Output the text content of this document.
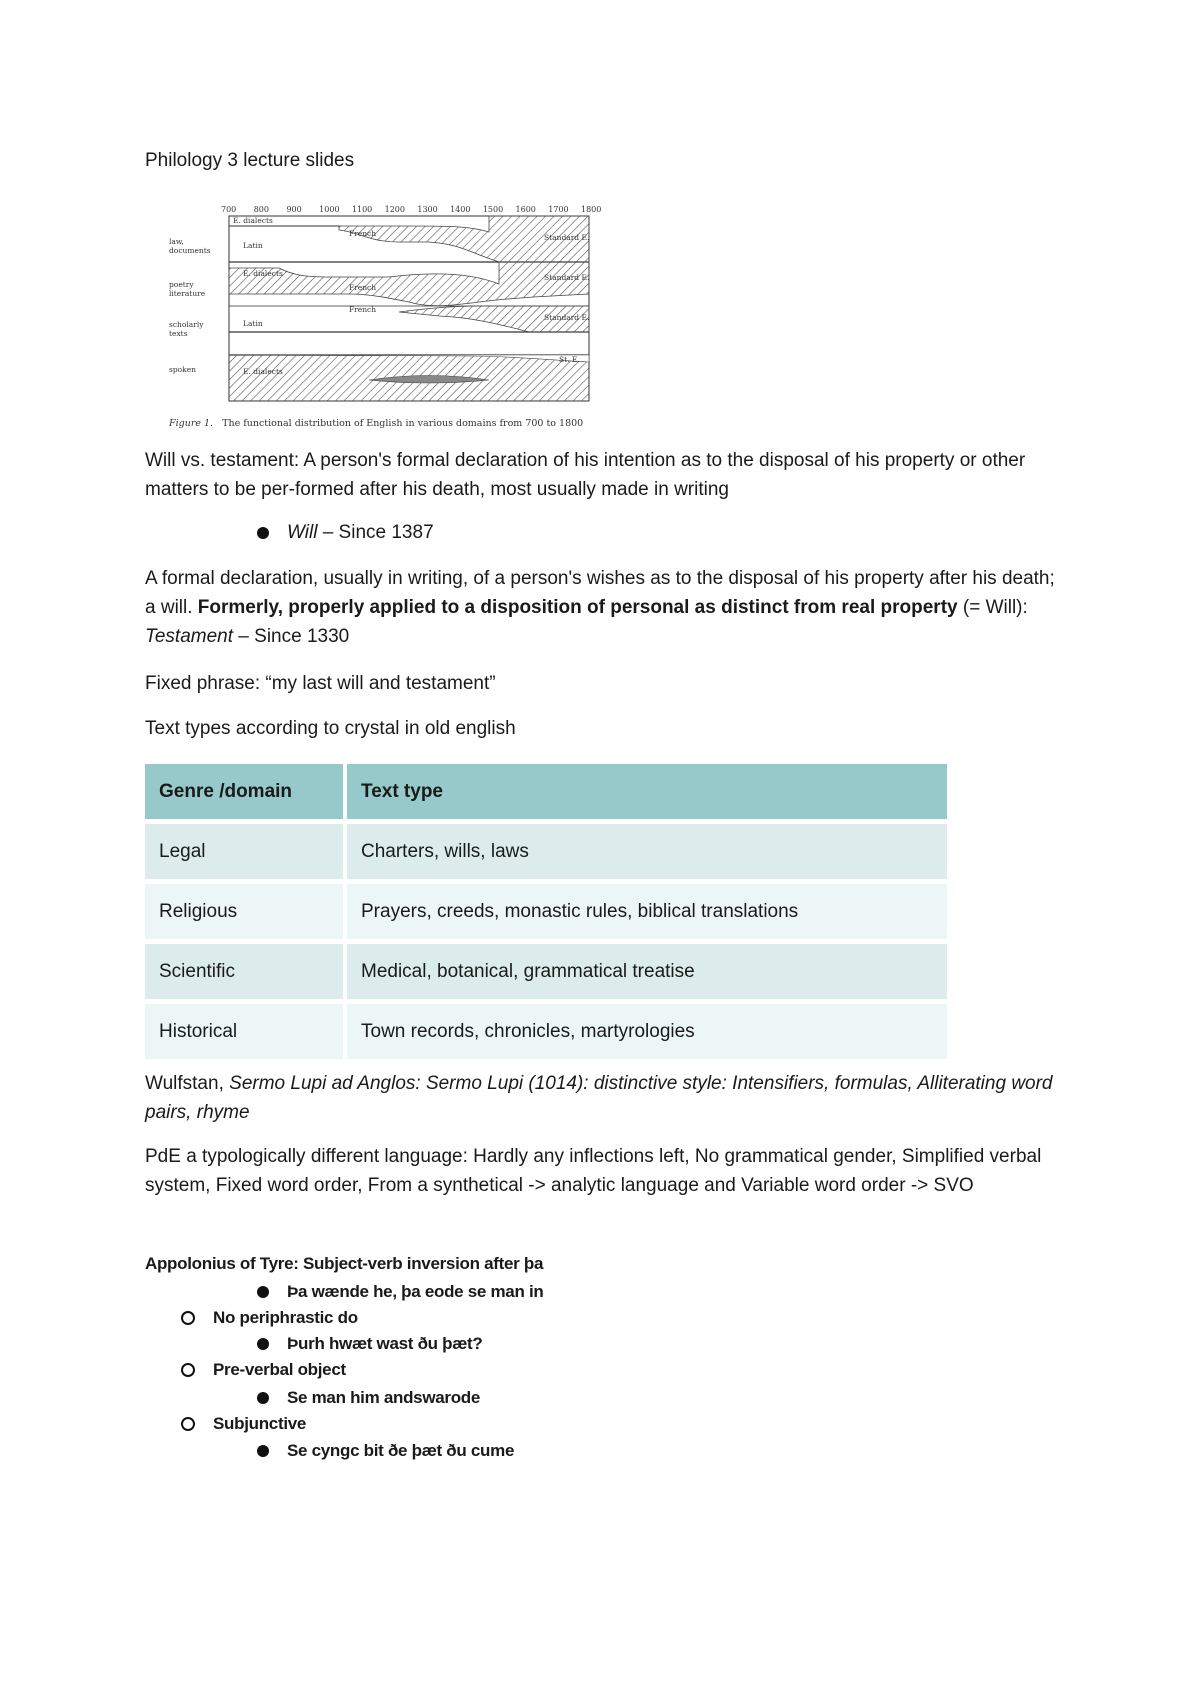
Philology 3 lecture slides

700 800 900 1000 1100 1200 1300 1400 1500 1600 1700 1800
law,
documents
poetry
literature
scholarly
texts
spoken
E. dialects
Latin
French	Standard E.
E. dialects
French
Standard E.
French
Latin
Standard E.
St. E.
E. dialects
Figure 1. The functional distribution of English in various domains from 700 to 1800

Will vs. testament: A person's formal declaration of his intention as to the disposal of his property or other matters to be per-formed after his death, most usually made in writing

Will – Since 1387

A formal declaration, usually in writing, of a person's wishes as to the disposal of his property after his death; a will. Formerly, properly applied to a disposition of personal as distinct from real property (= Will): Testament – Since 1330

Fixed phrase: “my last will and testament”

Text types according to crystal in old english

Genre /domain	Text type
Legal	Charters, wills, laws
Religious	Prayers, creeds, monastic rules, biblical translations
Scientific	Medical, botanical, grammatical treatise
Historical	Town records, chronicles, martyrologies

Wulfstan, Sermo Lupi ad Anglos: Sermo Lupi (1014): distinctive style: Intensifiers, formulas, Alliterating word pairs, rhyme

PdE a typologically different language: Hardly any inflections left, No grammatical gender, Simplified verbal system, Fixed word order, From a synthetical -> analytic language and Variable word order -> SVO

Appolonius of Tyre: Subject-verb inversion after þa

Þa wænde he, þa eode se man in
No periphrastic do
Þurh hwæt wast ðu þæt?
Pre-verbal object
Se man him andswarode
Subjunctive
Se cyngc bit ðe þæt ðu cume
